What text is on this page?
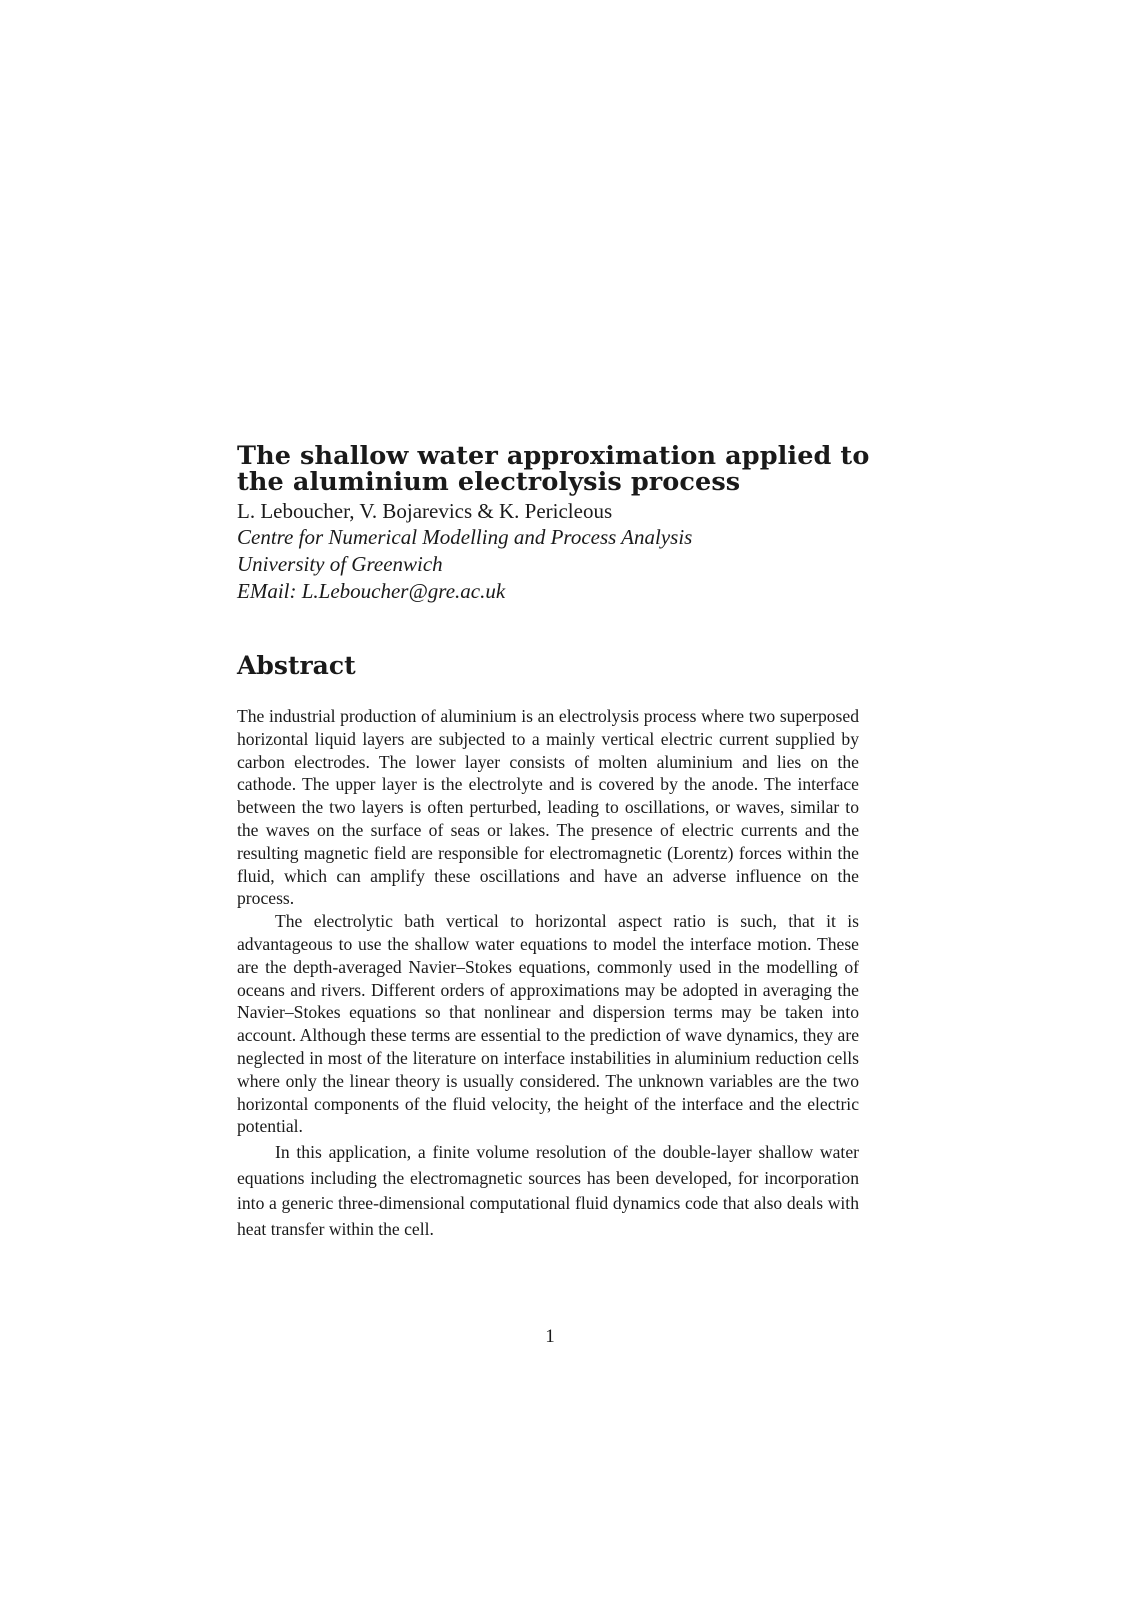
The shallow water approximation applied to
the aluminium electrolysis process

L. Leboucher, V. Bojarevics & K. Pericleous

Centre for Numerical Modelling and Process Analysis

University of Greenwich

EMail: L.Leboucher@gre.ac.uk

Abstract

The industrial production of aluminium is an electrolysis process where two superposed horizontal liquid layers are subjected to a mainly vertical electric current supplied by carbon electrodes. The lower layer consists of molten aluminium and lies on the cathode. The upper layer is the electrolyte and is covered by the anode. The interface between the two layers is often perturbed, leading to oscillations, or waves, similar to the waves on the surface of seas or lakes. The presence of electric currents and the resulting magnetic field are responsible for electromagnetic (Lorentz) forces within the fluid, which can amplify these oscillations and have an adverse influence on the process.

The electrolytic bath vertical to horizontal aspect ratio is such, that it is advantageous to use the shallow water equations to model the interface motion. These are the depth-averaged Navier–Stokes equations, commonly used in the modelling of oceans and rivers. Different orders of approximations may be adopted in averaging the Navier–Stokes equations so that nonlinear and dispersion terms may be taken into account. Although these terms are essential to the prediction of wave dynamics, they are neglected in most of the literature on interface instabilities in aluminium reduction cells where only the linear theory is usually considered. The unknown variables are the two horizontal components of the fluid velocity, the height of the interface and the electric potential.

In this application, a finite volume resolution of the double-layer shallow water equations including the electromagnetic sources has been developed, for incorporation into a generic three-dimensional computational fluid dynamics code that also deals with heat transfer within the cell.

1
